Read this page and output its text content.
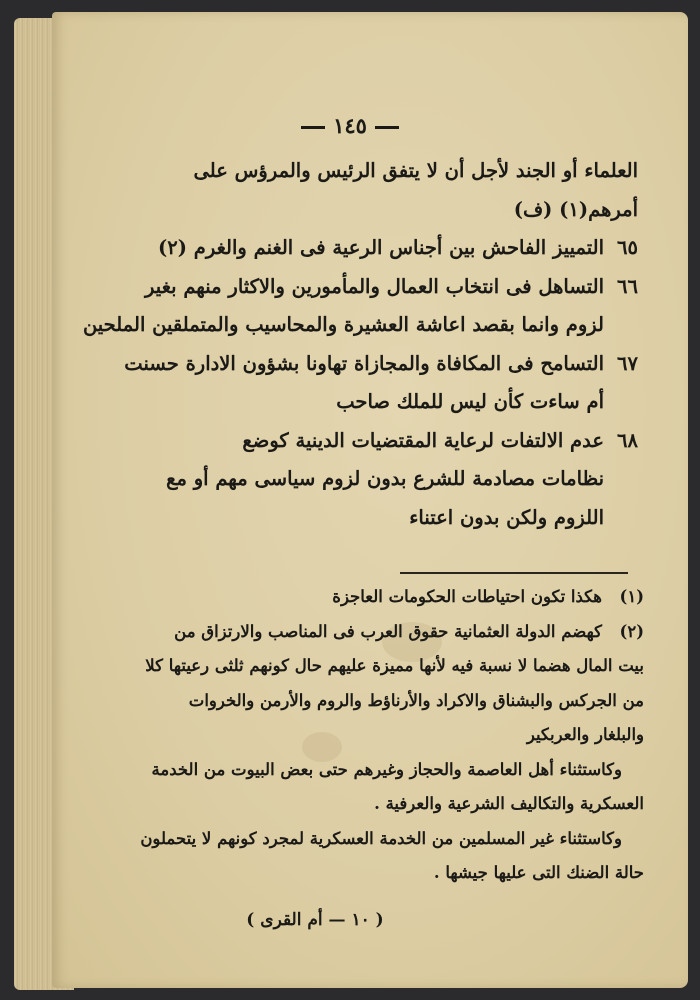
١٤٥
العلماء أو الجند لأجل أن لا يتفق الرئيس والمرؤس على
أمرهم(١) (ف)
٦٥التمييز الفاحش بين أجناس الرعية فى الغنم والغرم (٢)
٦٦التساهل فى انتخاب العمال والمأمورين والاكثار منهم بغير
لزوم وانما بقصد اعاشة العشيرة والمحاسيب والمتملقين الملحين
٦٧التسامح فى المكافاة والمجازاة تهاونا بشؤون الادارة حسنت
أم ساءت كأن ليس للملك صاحب
٦٨عدم الالتفات لرعاية المقتضيات الدينية كوضع
نظامات مصادمة للشرع بدون لزوم سياسى مهم أو مع
اللزوم ولكن بدون اعتناء
(١)هكذا تكون احتياطات الحكومات العاجزة
(٢)كهضم الدولة العثمانية حقوق العرب فى المناصب والارتزاق من
بيت المال هضما لا نسبة فيه لأنها مميزة عليهم حال كونهم ثلثى رعيتها كلا
من الجركس والبشناق والاكراد والأرناؤط والروم والأرمن والخروات
والبلغار والعربكير
وكاستثناء أهل العاصمة والحجاز وغيرهم حتى بعض البيوت من الخدمة
العسكرية والتكاليف الشرعية والعرفية .
وكاستثناء غير المسلمين من الخدمة العسكرية لمجرد كونهم لا يتحملون
حالة الضنك التى عليها جيشها .
( ١٠ — أم القرى )
